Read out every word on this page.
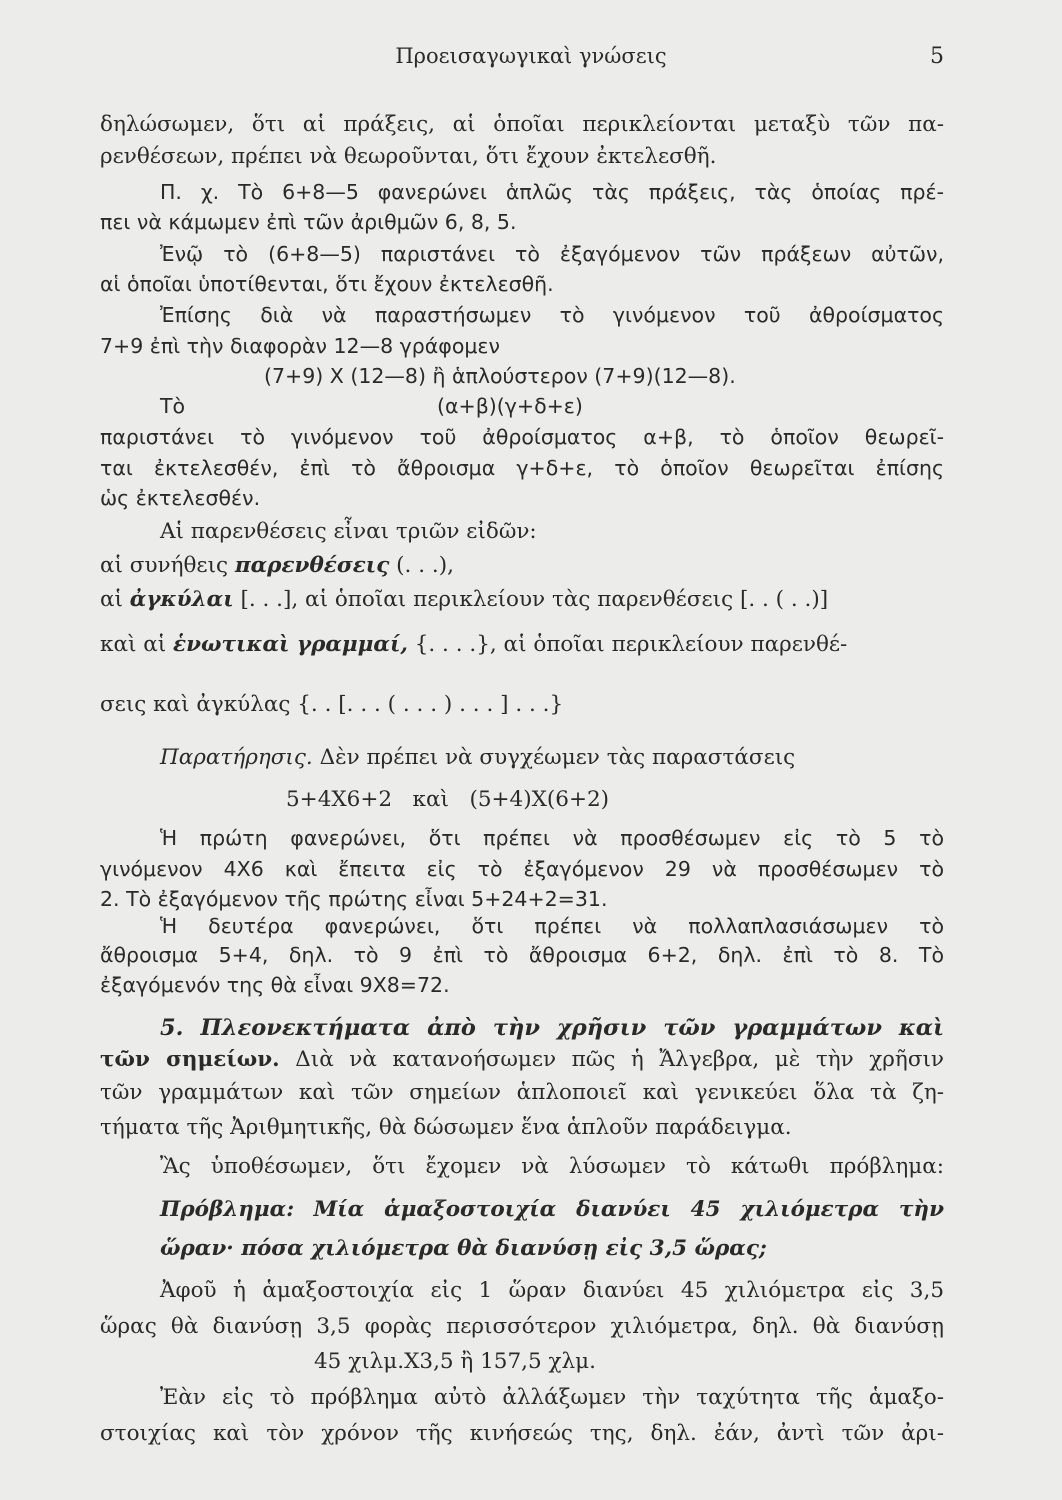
Προεισαγωγικαὶ γνώσεις	5
δηλώσωμεν, ὅτι αἱ πράξεις, αἱ ὁποῖαι περικλείονται μεταξὺ τῶν πα-
ρενθέσεων, πρέπει νὰ θεωροῦνται, ὅτι ἔχουν ἐκτελεσθῆ.
Π. χ. Τὸ 6+8—5 φανερώνει ἁπλῶς τὰς πράξεις, τὰς ὁποίας πρέ-
πει νὰ κάμωμεν ἐπὶ τῶν ἀριθμῶν 6, 8, 5.
Ἐνῷ τὸ (6+8—5) παριστάνει τὸ ἐξαγόμενον τῶν πράξεων αὐτῶν,
αἱ ὁποῖαι ὑποτίθενται, ὅτι ἔχουν ἐκτελεσθῆ.
Ἐπίσης διὰ νὰ παραστήσωμεν τὸ γινόμενον τοῦ ἀθροίσματος
7+9 ἐπὶ τὴν διαφορὰν 12—8 γράφομεν
(7+9) X (12—8) ἢ ἁπλούστερον (7+9)(12—8).
Τὸ	(α+β)(γ+δ+ε)
παριστάνει τὸ γινόμενον τοῦ ἀθροίσματος α+β, τὸ ὁποῖον θεωρεῖ-
ται ἐκτελεσθέν, ἐπὶ τὸ ἄθροισμα γ+δ+ε, τὸ ὁποῖον θεωρεῖται ἐπίσης
ὡς ἐκτελεσθέν.
Αἱ παρενθέσεις εἶναι τριῶν εἰδῶν:
αἱ συνήθεις παρενθέσεις (. . .),
αἱ ἀγκύλαι [. . .], αἱ ὁποῖαι περικλείουν τὰς παρενθέσεις [. . ( . .)]
καὶ αἱ ἑνωτικαὶ γραμμαί, {. . . .}, αἱ ὁποῖαι περικλείουν παρενθέ-
σεις καὶ ἀγκύλας {. . [. . . ( . . . ) . . . ] . . .}
Παρατήρησις. Δὲν πρέπει νὰ συγχέωμεν τὰς παραστάσεις
5+4X6+2   καὶ   (5+4)X(6+2)
Ἡ πρώτη φανερώνει, ὅτι πρέπει νὰ προσθέσωμεν εἰς τὸ 5 τὸ
γινόμενον 4X6 καὶ ἔπειτα εἰς τὸ ἐξαγόμενον 29 νὰ προσθέσωμεν τὸ
2. Τὸ ἐξαγόμενον τῆς πρώτης εἶναι 5+24+2=31.
Ἡ δευτέρα φανερώνει, ὅτι πρέπει νὰ πολλαπλασιάσωμεν τὸ
ἄθροισμα 5+4, δηλ. τὸ 9 ἐπὶ τὸ ἄθροισμα 6+2, δηλ. ἐπὶ τὸ 8. Τὸ
ἐξαγόμενόν της θὰ εἶναι 9X8=72.
5. Πλεονεκτήματα ἀπὸ τὴν χρῆσιν τῶν γραμμάτων καὶ
τῶν σημείων. Διὰ νὰ κατανοήσωμεν πῶς ἡ Ἄλγεβρα, μὲ τὴν χρῆσιν
τῶν γραμμάτων καὶ τῶν σημείων ἁπλοποιεῖ καὶ γενικεύει ὅλα τὰ ζη-
τήματα τῆς Ἀριθμητικῆς, θὰ δώσωμεν ἕνα ἁπλοῦν παράδειγμα.
Ἂς ὑποθέσωμεν, ὅτι ἔχομεν νὰ λύσωμεν τὸ κάτωθι πρόβλημα:
Πρόβλημα: Μία ἁμαξοστοιχία διανύει 45 χιλιόμετρα τὴν
ὥραν· πόσα χιλιόμετρα θὰ διανύσῃ εἰς 3,5 ὥρας;
Ἀφοῦ ἡ ἁμαξοστοιχία εἰς 1 ὥραν διανύει 45 χιλιόμετρα εἰς 3,5
ὥρας θὰ διανύσῃ 3,5 φορὰς περισσότερον χιλιόμετρα, δηλ. θὰ διανύσῃ
45 χιλμ.X3,5 ἢ 157,5 χλμ.
Ἐὰν εἰς τὸ πρόβλημα αὐτὸ ἀλλάξωμεν τὴν ταχύτητα τῆς ἁμαξο-
στοιχίας καὶ τὸν χρόνον τῆς κινήσεώς της, δηλ. ἐάν, ἀντὶ τῶν ἀρι-
